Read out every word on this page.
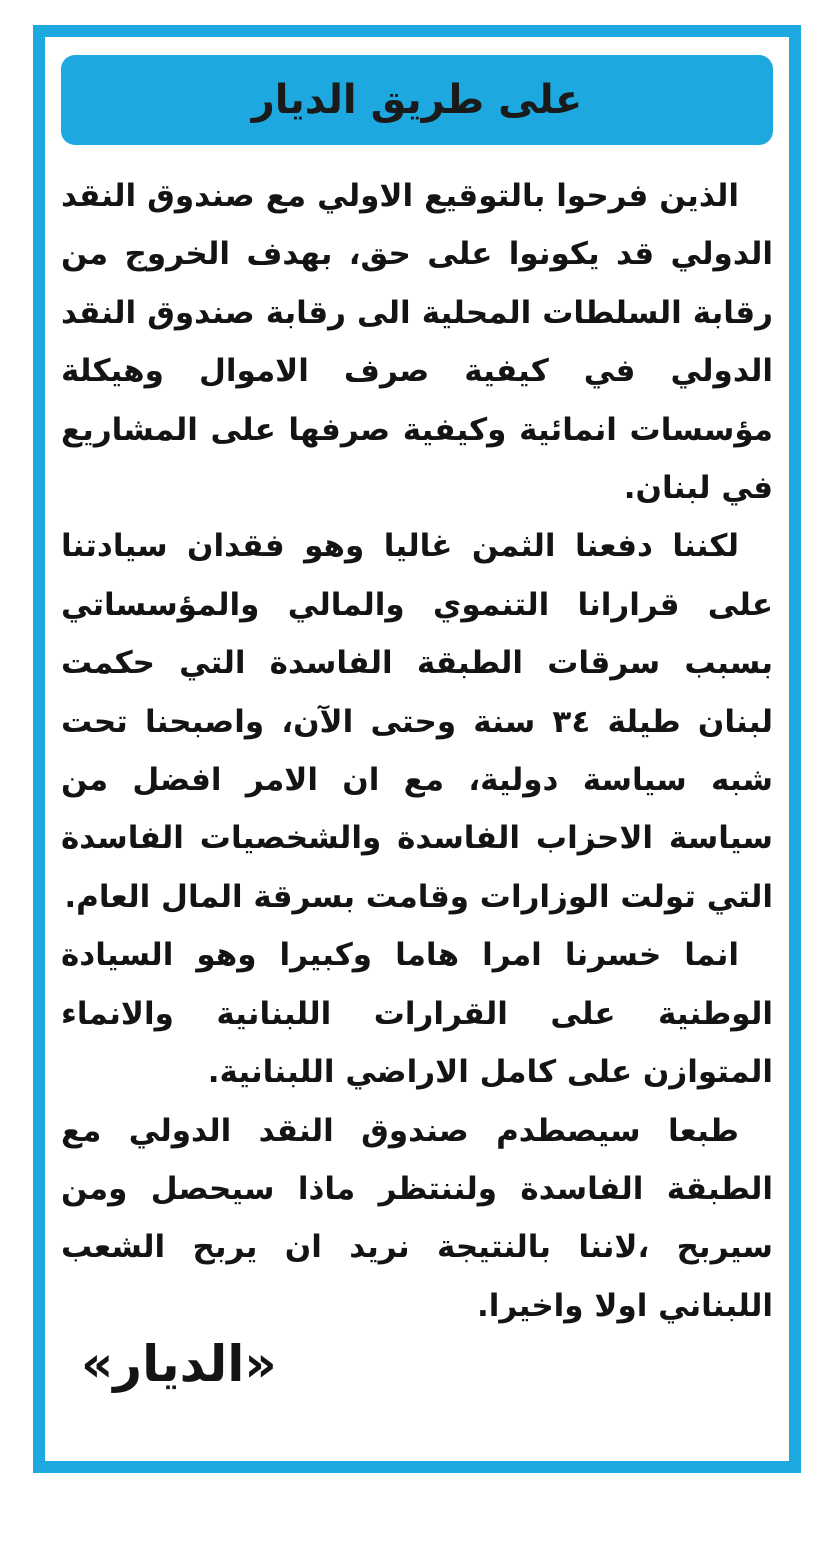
على طريق الديار

الذين فرحوا بالتوقيع الاولي مع صندوق النقد الدولي قد يكونوا على حق، بهدف الخروج من رقابة السلطات المحلية الى رقابة صندوق النقد الدولي في كيفية صرف الاموال وهيكلة مؤسسات انمائية وكيفية صرفها على المشاريع في لبنان.

لكننا دفعنا الثمن غاليا وهو فقدان سيادتنا على قرارانا التنموي والمالي والمؤسساتي بسبب سرقات الطبقة الفاسدة التي حكمت لبنان طيلة ٣٤ سنة وحتى الآن، واصبحنا تحت شبه سياسة دولية، مع ان الامر افضل من سياسة الاحزاب الفاسدة والشخصيات الفاسدة التي تولت الوزارات وقامت بسرقة المال العام.

انما خسرنا امرا هاما وكبيرا وهو السيادة الوطنية على القرارات اللبنانية والانماء المتوازن على كامل الاراضي اللبنانية.

طبعا سيصطدم صندوق النقد الدولي مع الطبقة الفاسدة ولننتظر ماذا سيحصل ومن سيربح ،لاننا بالنتيجة نريد ان يربح الشعب اللبناني اولا واخيرا.

«الديار»
